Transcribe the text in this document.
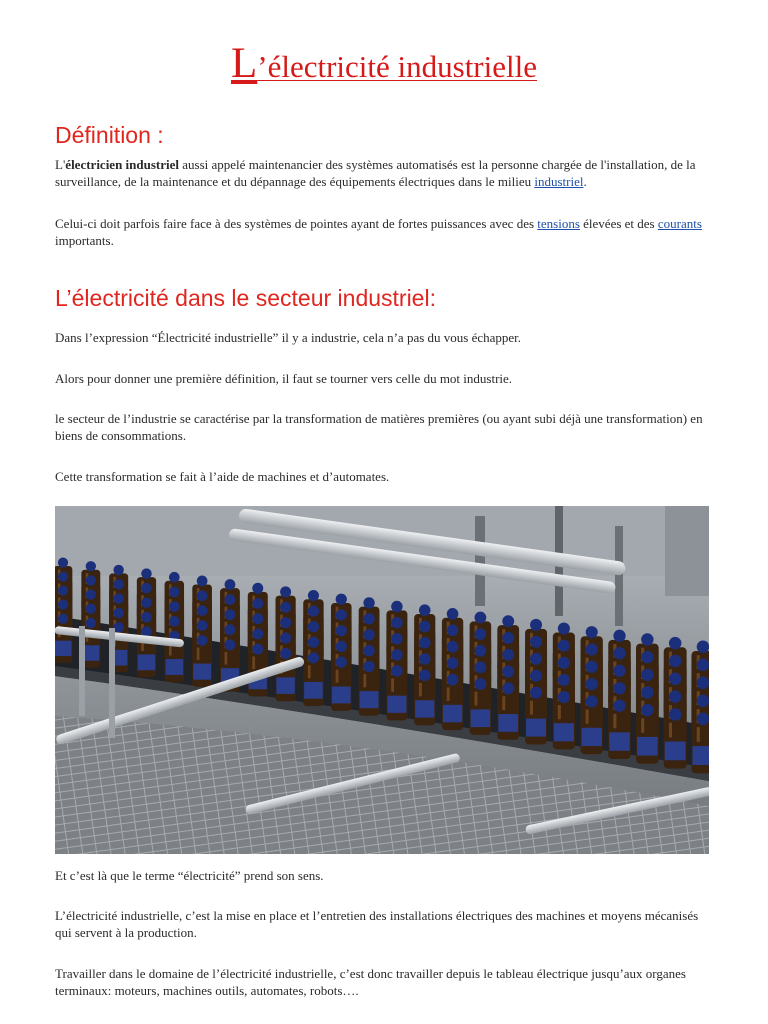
L’électricité industrielle
Définition :

L'électricien industriel aussi appelé maintenancier des systèmes automatisés est la personne chargée de l'installation, de la surveillance, de la maintenance et du dépannage des équipements électriques dans le milieu industriel.

Celui-ci doit parfois faire face à des systèmes de pointes ayant de fortes puissances avec des tensions élevées et des courants importants.

L’électricité dans le secteur industriel:

Dans l’expression “Électricité industrielle” il y a industrie, cela n’a pas du vous échapper.

Alors pour donner une première définition, il faut se tourner vers celle du mot industrie.

le secteur de l’industrie se caractérise par la transformation de matières premières (ou ayant subi déjà une transformation) en biens de consommations.

Cette transformation se fait à l’aide de machines et d’automates.

Et c’est là que le terme “électricité” prend son sens.

L’électricité industrielle, c’est la mise en place et l’entretien des installations électriques des machines et moyens mécanisés qui servent à la production.

Travailler dans le domaine de l’électricité industrielle, c’est donc travailler depuis le tableau électrique jusqu’aux organes terminaux: moteurs, machines outils, automates, robots….
